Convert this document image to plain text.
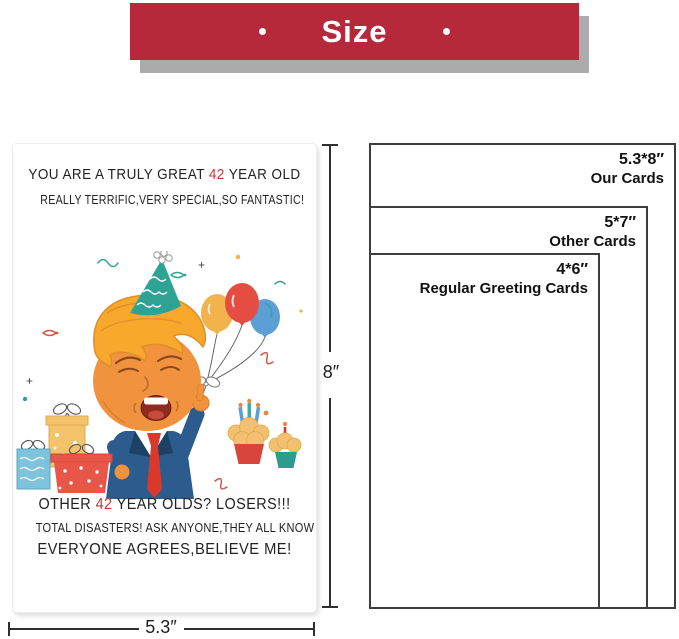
Size
YOU ARE A TRULY GREAT 42 YEAR OLD
REALLY TERRIFIC,VERY SPECIAL,SO FANTASTIC!
OTHER 42 YEAR OLDS? LOSERS!!!
TOTAL DISASTERS! ASK ANYONE,THEY ALL KNOW
EVERYONE AGREES,BELIEVE ME!
8″
5.3″
5.3*8″
Our Cards
5*7″
Other Cards
4*6″
Regular Greeting Cards
